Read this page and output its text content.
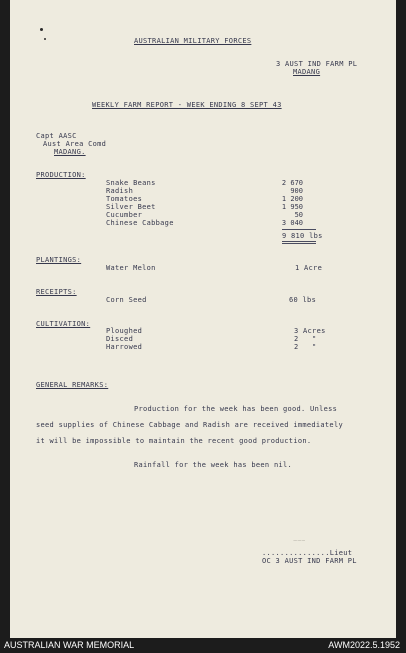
AUSTRALIAN MILITARY FORCES
3 AUST IND FARM PL
MADANG
WEEKLY FARM REPORT - WEEK ENDING 8 SEPT 43
Capt AASC
Aust Area Comd
MADANG.
PRODUCTION:
Snake Beans	2 670
Radish	900
Tomatoes	1 200
Silver Beet	1 950
Cucumber	50
Chinese Cabbage	3 040
9 810 lbs
PLANTINGS:
Water Melon	1 Acre
RECEIPTS:
Corn Seed	60 lbs
CULTIVATION:
Ploughed	3 Acres
Disced	2   "
Harrowed	2   "
GENERAL REMARKS:
Production for the week has been good. Unless
seed supplies of Chinese Cabbage and Radish are received immediately
it will be impossible to maintain the recent good production.
Rainfall for the week has been nil.
~~~
...............Lieut
OC 3 AUST IND FARM PL
AUSTRALIAN WAR MEMORIAL	AWM2022.5.1952
